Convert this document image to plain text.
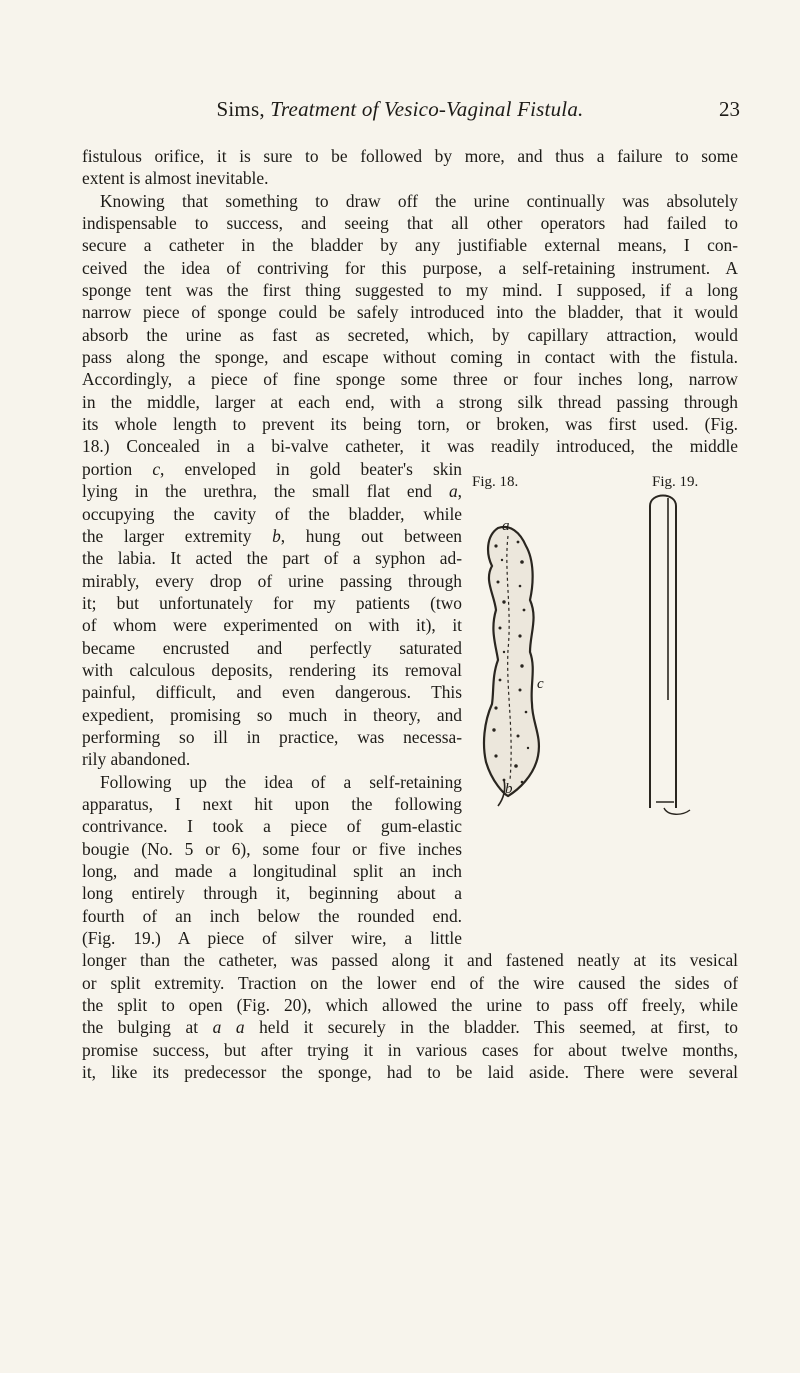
Sims, Treatment of Vesico-Vaginal Fistula.	23
fistulous orifice, it is sure to be followed by more, and thus a failure to some
extent is almost inevitable.
Knowing that something to draw off the urine continually was absolutely
indispensable to success, and seeing that all other operators had failed to
secure a catheter in the bladder by any justifiable external means, I con-
ceived the idea of contriving for this purpose, a self-retaining instrument. A
sponge tent was the first thing suggested to my mind. I supposed, if a long
narrow piece of sponge could be safely introduced into the bladder, that it would
absorb the urine as fast as secreted, which, by capillary attraction, would
pass along the sponge, and escape without coming in contact with the fistula.
Accordingly, a piece of fine sponge some three or four inches long, narrow
in the middle, larger at each end, with a strong silk thread passing through
its whole length to prevent its being torn, or broken, was first used. (Fig.
18.) Concealed in a bi-valve catheter, it was readily introduced, the middle
portion c, enveloped in gold beater's skin
lying in the urethra, the small flat end a,
occupying the cavity of the bladder, while
the larger extremity b, hung out between
the labia. It acted the part of a syphon ad-
mirably, every drop of urine passing through
it; but unfortunately for my patients (two
of whom were experimented on with it), it
became encrusted and perfectly saturated
with calculous deposits, rendering its removal
painful, difficult, and even dangerous. This
expedient, promising so much in theory, and
performing so ill in practice, was necessa-
rily abandoned.
Following up the idea of a self-retaining
apparatus, I next hit upon the following
contrivance. I took a piece of gum-elastic
bougie (No. 5 or 6), some four or five inches
long, and made a longitudinal split an inch
long entirely through it, beginning about a
fourth of an inch below the rounded end.
(Fig. 19.) A piece of silver wire, a little
longer than the catheter, was passed along it and fastened neatly at its vesical
or split extremity. Traction on the lower end of the wire caused the sides of
the split to open (Fig. 20), which allowed the urine to pass off freely, while
the bulging at a a held it securely in the bladder. This seemed, at first, to
promise success, but after trying it in various cases for about twelve months,
it, like its predecessor the sponge, had to be laid aside. There were several
Fig. 18.	Fig. 19.
a
c
b
